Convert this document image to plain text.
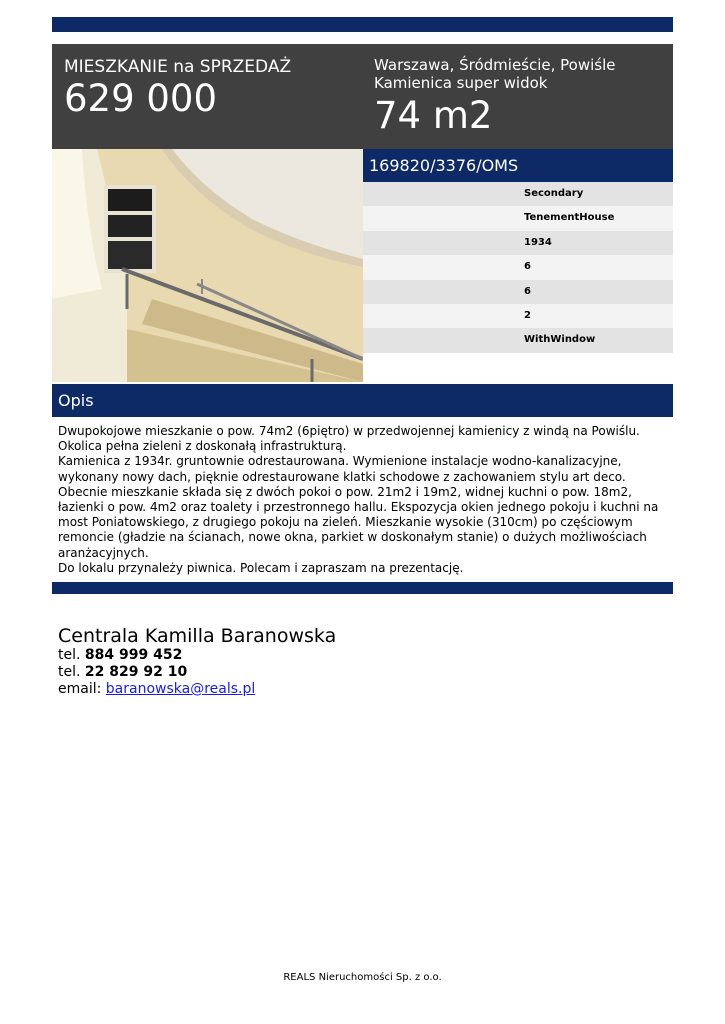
MIESZKANIE na SPRZEDAŻ
629 000
Warszawa, Śródmieście, Powiśle
Kamienica super widok
74 m2
169820/3376/OMS
Secondary
TenementHouse
1934
6
6
2
WithWindow
Opis

Dwupokojowe mieszkanie o pow. 74m2 (6piętro) w przedwojennej kamienicy z windą na Powiślu. Okolica pełna zieleni z doskonałą infrastrukturą.

Kamienica z 1934r. gruntownie odrestaurowana. Wymienione instalacje wodno-kanalizacyjne, wykonany nowy dach, pięknie odrestaurowane klatki schodowe z zachowaniem stylu art deco. Obecnie mieszkanie składa się z dwóch pokoi o pow. 21m2 i 19m2, widnej kuchni o pow. 18m2, łazienki o pow. 4m2 oraz toalety i przestronnego hallu. Ekspozycja okien jednego pokoju i kuchni na most Poniatowskiego, z drugiego pokoju na zieleń. Mieszkanie wysokie (310cm) po częściowym remoncie (gładzie na ścianach, nowe okna, parkiet w doskonałym stanie) o dużych możliwościach aranżacyjnych.

Do lokalu przynależy piwnica. Polecam i zapraszam na prezentację.

Centrala Kamilla Baranowska
tel. 884 999 452
tel. 22 829 92 10
email: baranowska@reals.pl
REALS Nieruchomości Sp. z o.o.
